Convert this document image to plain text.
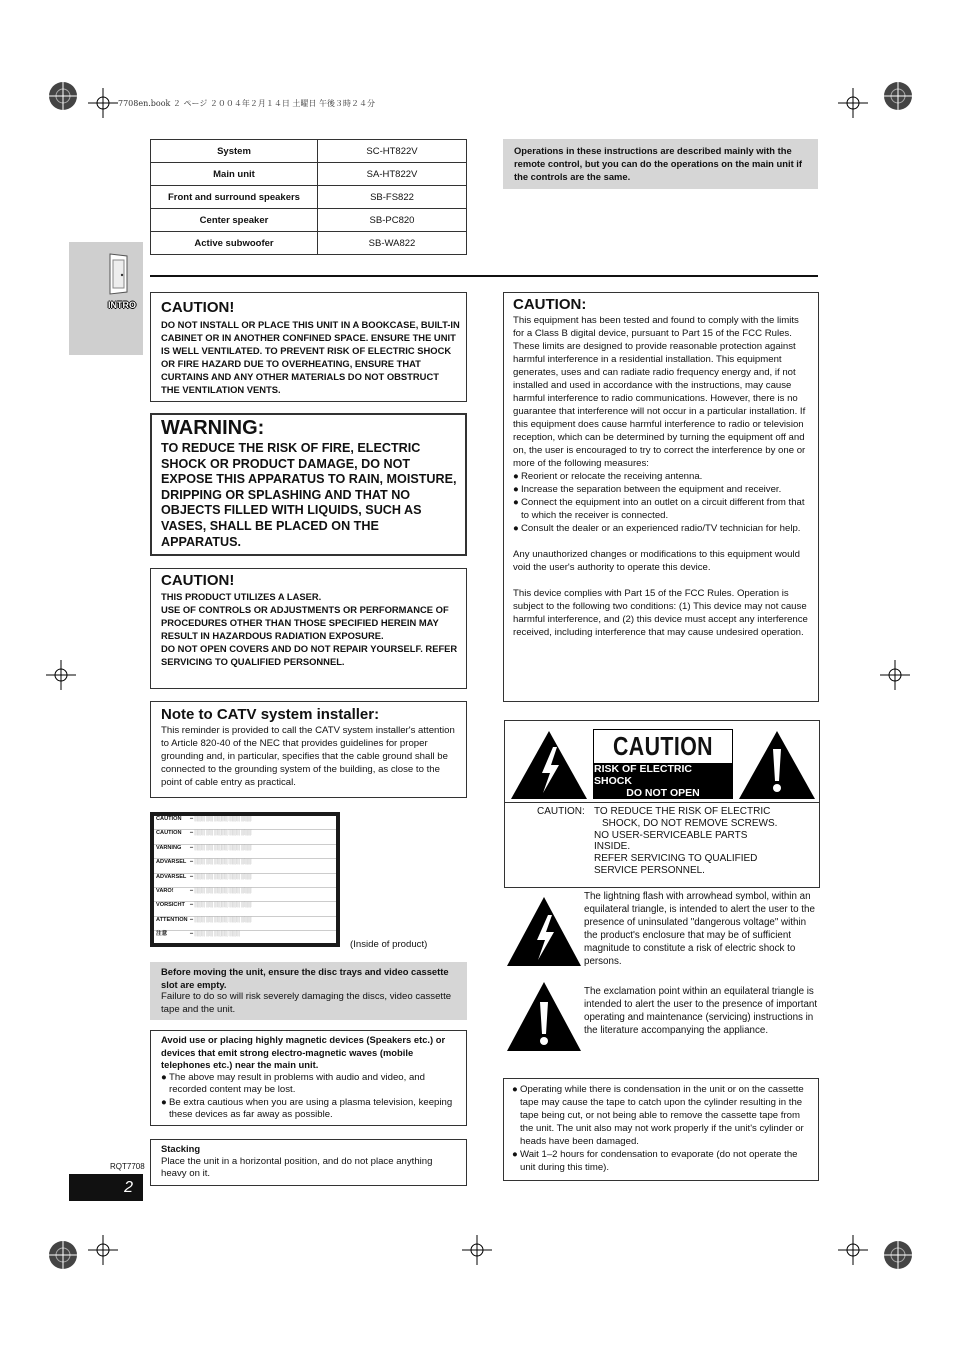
7708en.book ２ ページ ２００４年２月１４日 土曜日 午後３時２４分
System	SC-HT822V
Main unit	SA-HT822V
Front and surround speakers	SB-FS822
Center speaker	SB-PC820
Active subwoofer	SB-WA822

Operations in these instructions are described mainly with the remote control, but you can do the operations on the main unit if the controls are the same.

INTRO CAUTION!

DO NOT INSTALL OR PLACE THIS UNIT IN A BOOKCASE, BUILT-IN CABINET OR IN ANOTHER CONFINED SPACE. ENSURE THE UNIT IS WELL VENTILATED. TO PREVENT RISK OF ELECTRIC SHOCK OR FIRE HAZARD DUE TO OVERHEATING, ENSURE THAT CURTAINS AND ANY OTHER MATERIALS DO NOT OBSTRUCT THE VENTILATION VENTS.

WARNING:

TO REDUCE THE RISK OF FIRE, ELECTRIC SHOCK OR PRODUCT DAMAGE, DO NOT EXPOSE THIS APPARATUS TO RAIN, MOISTURE, DRIPPING OR SPLASHING AND THAT NO OBJECTS FILLED WITH LIQUIDS, SUCH AS VASES, SHALL BE PLACED ON THE APPARATUS.

CAUTION!

THIS PRODUCT UTILIZES A LASER.

USE OF CONTROLS OR ADJUSTMENTS OR PERFORMANCE OF PROCEDURES OTHER THAN THOSE SPECIFIED HEREIN MAY RESULT IN HAZARDOUS RADIATION EXPOSURE.

DO NOT OPEN COVERS AND DO NOT REPAIR YOURSELF. REFER SERVICING TO QUALIFIED PERSONNEL.

Note to CATV system installer:

This reminder is provided to call the CATV system installer's attention to Article 820-40 of the NEC that provides guidelines for proper grounding and, in particular, specifies that the cable ground shall be connected to the grounding system of the building, as close to the point of cable entry as practical.

CAUTION	━ ░░░ ░░ ░░░░ ░░░ ░░░
CAUTION	━ ░░░ ░░ ░░░░ ░░░ ░░░
VARNING	━ ░░░ ░░ ░░░░ ░░░ ░░░
ADVARSEL ━ ░░░ ░░ ░░░░ ░░░ ░░░
ADVARSEL ━ ░░░ ░░ ░░░░ ░░░ ░░░
VARO!	━ ░░░ ░░ ░░░░ ░░░ ░░░
VORSICHT ━ ░░░ ░░ ░░░░ ░░░ ░░░
ATTENTION ━ ░░░ ░░ ░░░░ ░░░ ░░░
注意	━ ░░░ ░░ ░░░░ ░░░
(Inside of product)

Before moving the unit, ensure the disc trays and video cassette slot are empty.

Failure to do so will risk severely damaging the discs, video cassette tape and the unit.

Avoid use or placing highly magnetic devices (Speakers etc.) or devices that emit strong electro-magnetic waves (mobile telephones etc.) near the main unit.

● The above may result in problems with audio and video, and recorded content may be lost.
● Be extra cautious when you are using a plasma television, keeping these devices as far away as possible.

Stacking

Place the unit in a horizontal position, and do not place anything heavy on it.

RQT7708
2

CAUTION:

This equipment has been tested and found to comply with the limits for a Class B digital device, pursuant to Part 15 of the FCC Rules.

These limits are designed to provide reasonable protection against harmful interference in a residential installation. This equipment generates, uses and can radiate radio frequency energy and, if not installed and used in accordance with the instructions, may cause harmful interference to radio communications. However, there is no guarantee that interference will not occur in a particular installation. If this equipment does cause harmful interference to radio or television reception, which can be determined by turning the equipment off and on, the user is encouraged to try to correct the interference by one or more of the following measures:

● Reorient or relocate the receiving antenna.
● Increase the separation between the equipment and receiver.
● Connect the equipment into an outlet on a circuit different from that to which the receiver is connected.
● Consult the dealer or an experienced radio/TV technician for help.

Any unauthorized changes or modifications to this equipment would void the user's authority to operate this device.

This device complies with Part 15 of the FCC Rules. Operation is subject to the following two conditions: (1) This device may not cause harmful interference, and (2) this device must accept any interference received, including interference that may cause undesired operation.

CAUTION
RISK OF ELECTRIC SHOCK
DO NOT OPEN
CAUTION: TO REDUCE THE RISK OF ELECTRIC
SHOCK, DO NOT REMOVE SCREWS.
NO USER-SERVICEABLE PARTS
INSIDE.
REFER SERVICING TO QUALIFIED
SERVICE PERSONNEL.
The lightning flash with arrowhead symbol, within an equilateral triangle, is intended to alert the user to the presence of uninsulated "dangerous voltage" within the product's enclosure that may be of sufficient magnitude to constitute a risk of electric shock to persons.
The exclamation point within an equilateral triangle is intended to alert the user to the presence of important operating and maintenance (servicing) instructions in the literature accompanying the appliance.
● Operating while there is condensation in the unit or on the cassette tape may cause the tape to catch upon the cylinder resulting in the tape being cut, or not being able to remove the cassette tape from the unit. The unit also may not work properly if the unit's cylinder or heads have been damaged.
● Wait 1–2 hours for condensation to evaporate (do not operate the unit during this time).
